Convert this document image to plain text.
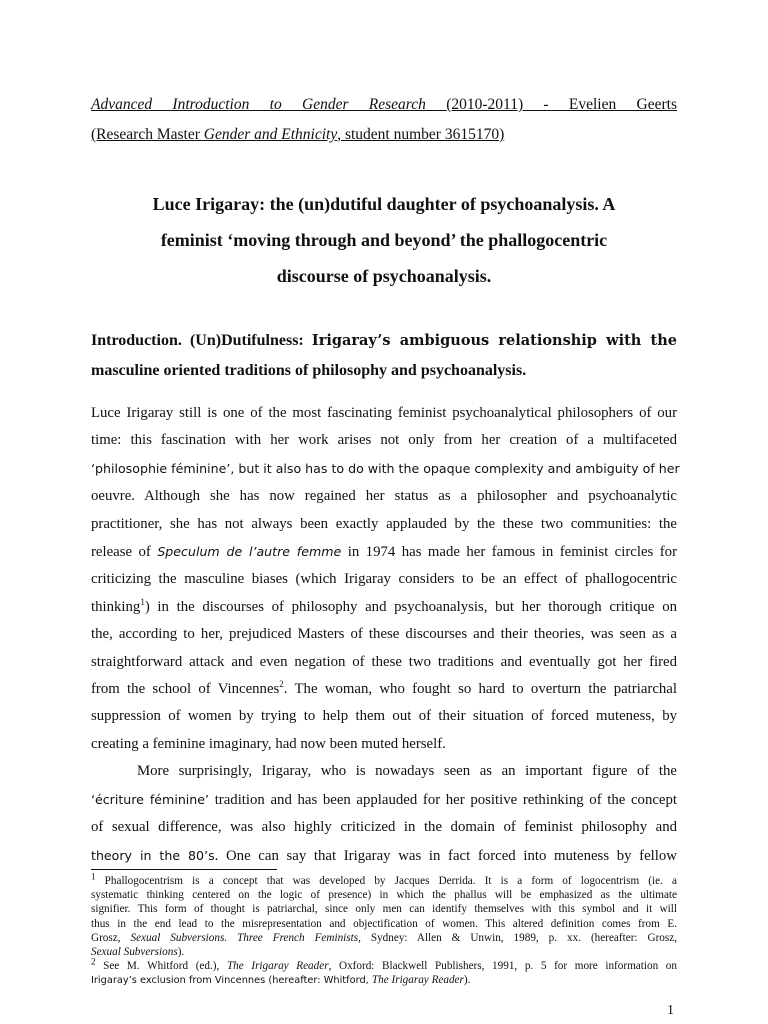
Advanced Introduction to Gender Research (2010-2011) - Evelien Geerts
(Research Master Gender and Ethnicity, student number 3615170)
Luce Irigaray: the (un)dutiful daughter of psychoanalysis. A
feminist ‘moving through and beyond’ the phallogocentric
discourse of psychoanalysis.
Introduction. (Un)Dutifulness: Irigaray’s ambiguous relationship with the
masculine oriented traditions of philosophy and psychoanalysis.
Luce Irigaray still is one of the most fascinating feminist psychoanalytical philosophers of our
time: this fascination with her work arises not only from her creation of a multifaceted
‘philosophie féminine’, but it also has to do with the opaque complexity and ambiguity of her
oeuvre. Although she has now regained her status as a philosopher and psychoanalytic
practitioner, she has not always been exactly applauded by the these two communities: the
release of Speculum de l’autre femme in 1974 has made her famous in feminist circles for
criticizing the masculine biases (which Irigaray considers to be an effect of phallogocentric
thinking$^1$) in the discourses of philosophy and psychoanalysis, but her thorough critique on
the, according to her, prejudiced Masters of these discourses and their theories, was seen as a
straightforward attack and even negation of these two traditions and eventually got her fired
from the school of Vincennes$^2$. The woman, who fought so hard to overturn the patriarchal
suppression of women by trying to help them out of their situation of forced muteness, by
creating a feminine imaginary, had now been muted herself.
More surprisingly, Irigaray, who is nowadays seen as an important figure of the
‘écriture féminine’ tradition and has been applauded for her positive rethinking of the concept
of sexual difference, was also highly criticized in the domain of feminist philosophy and
theory in the 80’s. One can say that Irigaray was in fact forced into muteness by fellow
$^1$ Phallogocentrism is a concept that was developed by Jacques Derrida. It is a form of logocentrism (ie. a
systematic thinking centered on the logic of presence) in which the phallus will be emphasized as the ultimate
signifier. This form of thought is patriarchal, since only men can identify themselves with this symbol and it will
thus in the end lead to the misrepresentation and objectification of women. This altered definition comes from E.
Grosz, Sexual Subversions. Three French Feminists, Sydney: Allen & Unwin, 1989, p. xx. (hereafter: Grosz,
Sexual Subversions).
$^2$ See M. Whitford (ed.), The Irigaray Reader, Oxford: Blackwell Publishers, 1991, p. 5 for more information on
Irigaray’s exclusion from Vincennes (hereafter: Whitford, The Irigaray Reader).
1
